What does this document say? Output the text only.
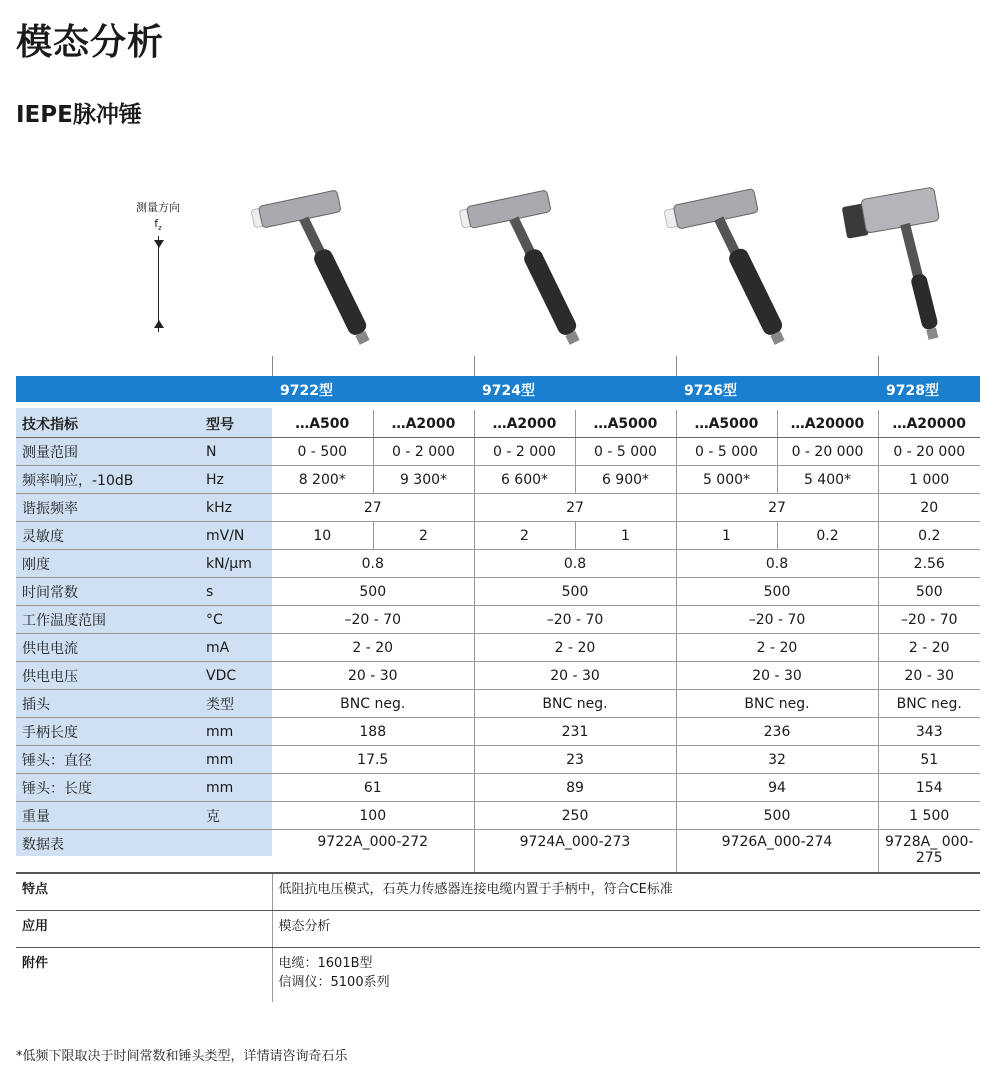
模态分析
IEPE脉冲锤
测量方向
$f_z$
9722型	9724型	9726型	9728型
技术指标	型号	…A500	…A2000	…A2000	…A5000	…A5000	…A20000	…A20000
测量范围	N	0 - 500	0 - 2 000	0 - 2 000	0 - 5 000	0 - 5 000	0 - 20 000	0 - 20 000
频率响应，-10dB	Hz	8 200*	9 300*	6 600*	6 900*	5 000*	5 400*	1 000
谐振频率	kHz	27		27		27		20
灵敏度	mV/N	10	2	2	1	1	0.2	0.2
刚度	kN/µm	0.8		0.8		0.8		2.56
时间常数	s	500		500		500		500
工作温度范围	°C	–20 - 70		–20 - 70		–20 - 70		–20 - 70
供电电流	mA	2 - 20		2 - 20		2 - 20		2 - 20
供电电压	VDC	20 - 30		20 - 30		20 - 30		20 - 30
插头	类型	BNC neg.		BNC neg.		BNC neg.		BNC neg.
手柄长度	mm	188		231		236		343
锤头：直径	mm	17.5		23		32		51
锤头：长度	mm	61		89		94		154
重量	克	100		250		500		1 500
数据表		9722A_000-272		9724A_000-273		9726A_000-274		9728A_ 000-275
特点	低阻抗电压模式，石英力传感器连接电缆内置于手柄中，符合CE标准

应用	模态分析

附件	电缆：1601B型
信调仪：5100系列
*低频下限取决于时间常数和锤头类型，详情请咨询奇石乐
